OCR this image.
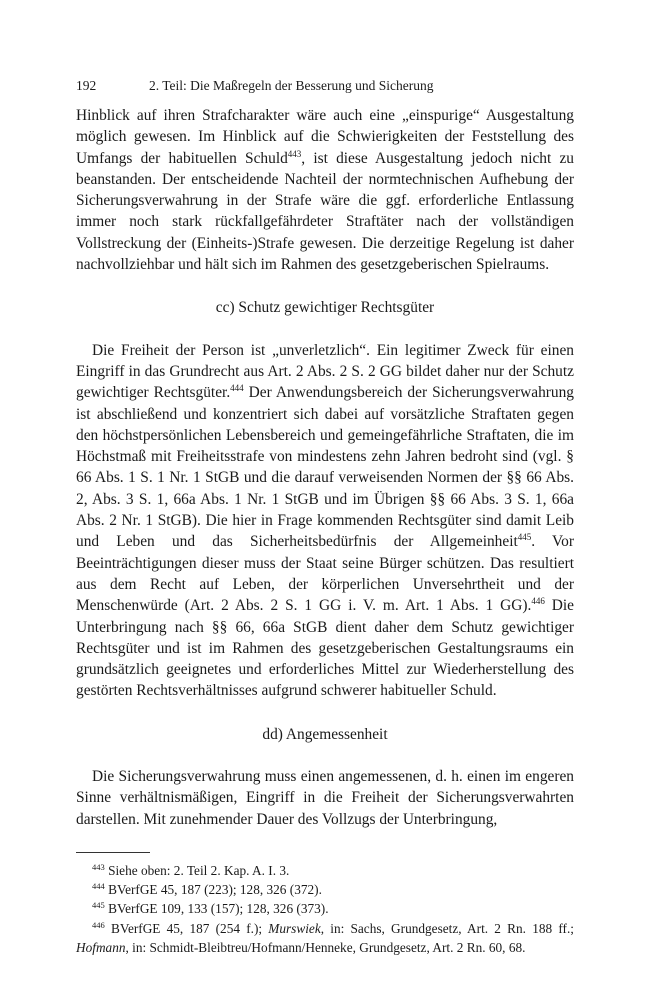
192	2. Teil: Die Maßregeln der Besserung und Sicherung

Hinblick auf ihren Strafcharakter wäre auch eine „einspurige“ Ausgestaltung möglich gewesen. Im Hinblick auf die Schwierigkeiten der Feststellung des Umfangs der habituellen Schuld$^{443}$, ist diese Ausgestaltung jedoch nicht zu beanstanden. Der entscheidende Nachteil der normtechnischen Aufhebung der Sicherungsverwahrung in der Strafe wäre die ggf. erforderliche Entlassung immer noch stark rückfallgefährdeter Straftäter nach der vollständigen Vollstreckung der (Einheits-)Strafe gewesen. Die derzeitige Regelung ist daher nachvollziehbar und hält sich im Rahmen des gesetzgeberischen Spielraums.

cc) Schutz gewichtiger Rechtsgüter

Die Freiheit der Person ist „unverletzlich“. Ein legitimer Zweck für einen Eingriff in das Grundrecht aus Art. 2 Abs. 2 S. 2 GG bildet daher nur der Schutz gewichtiger Rechtsgüter.$^{444}$ Der Anwendungsbereich der Sicherungsverwahrung ist abschließend und konzentriert sich dabei auf vorsätzliche Straftaten gegen den höchstpersönlichen Lebensbereich und gemeingefährliche Straftaten, die im Höchstmaß mit Freiheitsstrafe von mindestens zehn Jahren bedroht sind (vgl. § 66 Abs. 1 S. 1 Nr. 1 StGB und die darauf verweisenden Normen der §§ 66 Abs. 2, Abs. 3 S. 1, 66a Abs. 1 Nr. 1 StGB und im Übrigen §§ 66 Abs. 3 S. 1, 66a Abs. 2 Nr. 1 StGB). Die hier in Frage kommenden Rechtsgüter sind damit Leib und Leben und das Sicherheitsbedürfnis der Allgemeinheit$^{445}$. Vor Beeinträchtigungen dieser muss der Staat seine Bürger schützen. Das resultiert aus dem Recht auf Leben, der körperlichen Unversehrtheit und der Menschenwürde (Art. 2 Abs. 2 S. 1 GG i. V. m. Art. 1 Abs. 1 GG).$^{446}$ Die Unterbringung nach §§ 66, 66a StGB dient daher dem Schutz gewichtiger Rechtsgüter und ist im Rahmen des gesetzgeberischen Gestaltungsraums ein grundsätzlich geeignetes und erforderliches Mittel zur Wiederherstellung des gestörten Rechtsverhältnisses aufgrund schwerer habitueller Schuld.

dd) Angemessenheit

Die Sicherungsverwahrung muss einen angemessenen, d. h. einen im engeren Sinne verhältnismäßigen, Eingriff in die Freiheit der Sicherungsverwahrten darstellen. Mit zunehmender Dauer des Vollzugs der Unterbringung,

$^{443}$ Siehe oben: 2. Teil 2. Kap. A. I. 3.
$^{444}$ BVerfGE 45, 187 (223); 128, 326 (372).
$^{445}$ BVerfGE 109, 133 (157); 128, 326 (373).
$^{446}$ BVerfGE 45, 187 (254 f.); Murswiek, in: Sachs, Grundgesetz, Art. 2 Rn. 188 ff.; Hofmann, in: Schmidt-Bleibtreu/Hofmann/Henneke, Grundgesetz, Art. 2 Rn. 60, 68.
